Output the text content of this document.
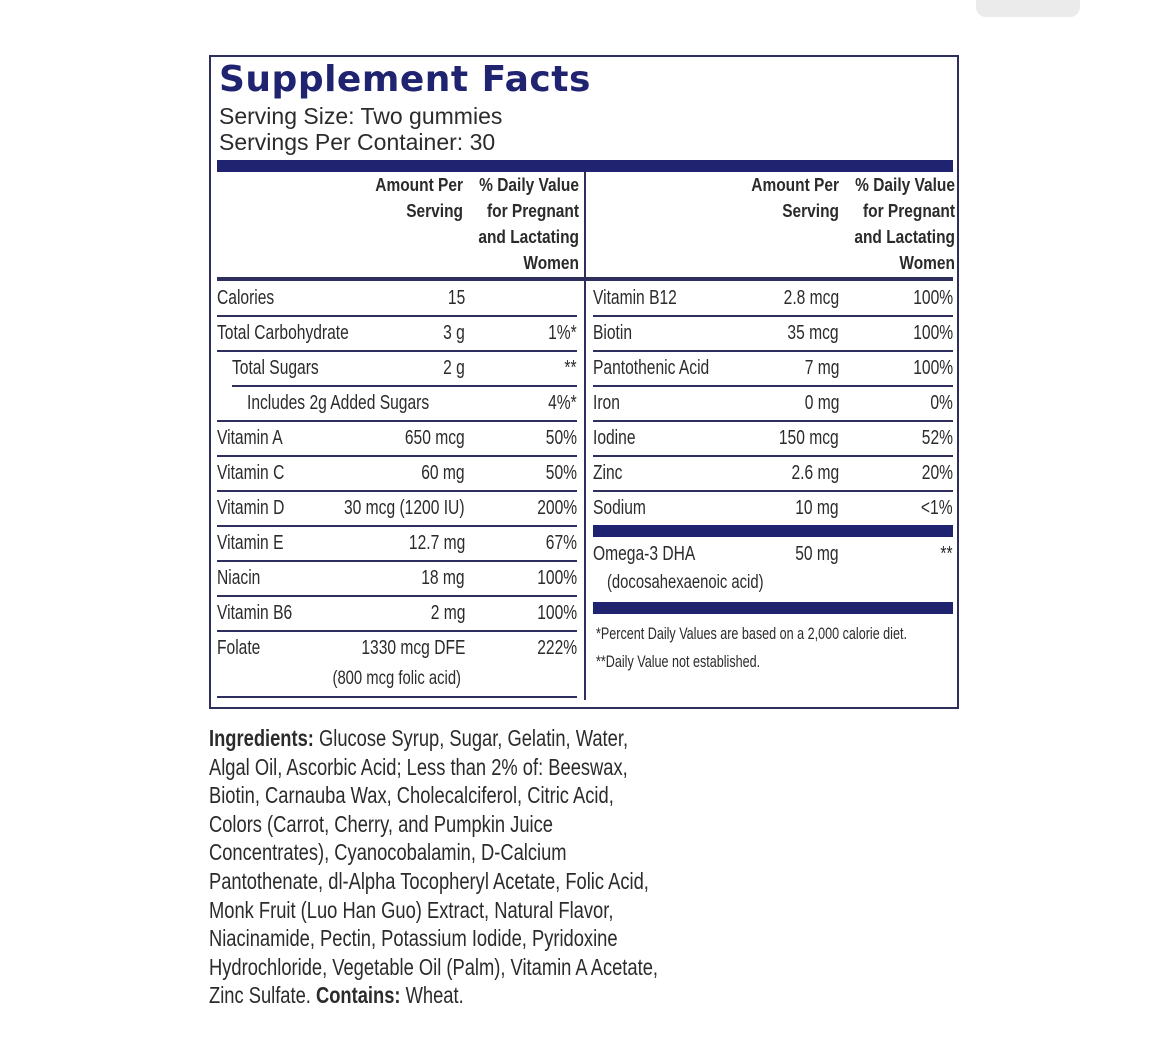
Supplement Facts
Serving Size: Two gummies
Servings Per Container: 30
Amount Per
Serving
% Daily Value
for Pregnant
and Lactating
Women
Amount Per
Serving
% Daily Value
for Pregnant
and Lactating
Women
Calories	15
Total Carbohydrate	3 g	1%*
Total Sugars	2 g	**
Includes 2g Added Sugars	4%*
Vitamin A	650 mcg	50%
Vitamin C	60 mg	50%
Vitamin D	30 mcg (1200 IU)	200%
Vitamin E	12.7 mg	67%
Niacin	18 mg	100%
Vitamin B6	2 mg	100%
Folate	1330 mcg DFE	222%
(800 mcg folic acid)
Vitamin B12	2.8 mcg	100%
Biotin	35 mcg	100%
Pantothenic Acid	7 mg	100%
Iron	0 mg	0%
Iodine	150 mcg	52%
Zinc	2.6 mg	20%
Sodium	10 mg	<1%
Omega-3 DHA	50 mg	**
(docosahexaenoic acid)
*Percent Daily Values are based on a 2,000 calorie diet.
**Daily Value not established.
Ingredients: Glucose Syrup, Sugar, Gelatin, Water, Algal Oil, Ascorbic Acid; Less than 2% of: Beeswax, Biotin, Carnauba Wax, Cholecalciferol, Citric Acid, Colors (Carrot, Cherry, and Pumpkin Juice Concentrates), Cyanocobalamin, D-Calcium Pantothenate, dl-Alpha Tocopheryl Acetate, Folic Acid, Monk Fruit (Luo Han Guo) Extract, Natural Flavor, Niacinamide, Pectin, Potassium Iodide, Pyridoxine Hydrochloride, Vegetable Oil (Palm), Vitamin A Acetate, Zinc Sulfate. Contains: Wheat.
